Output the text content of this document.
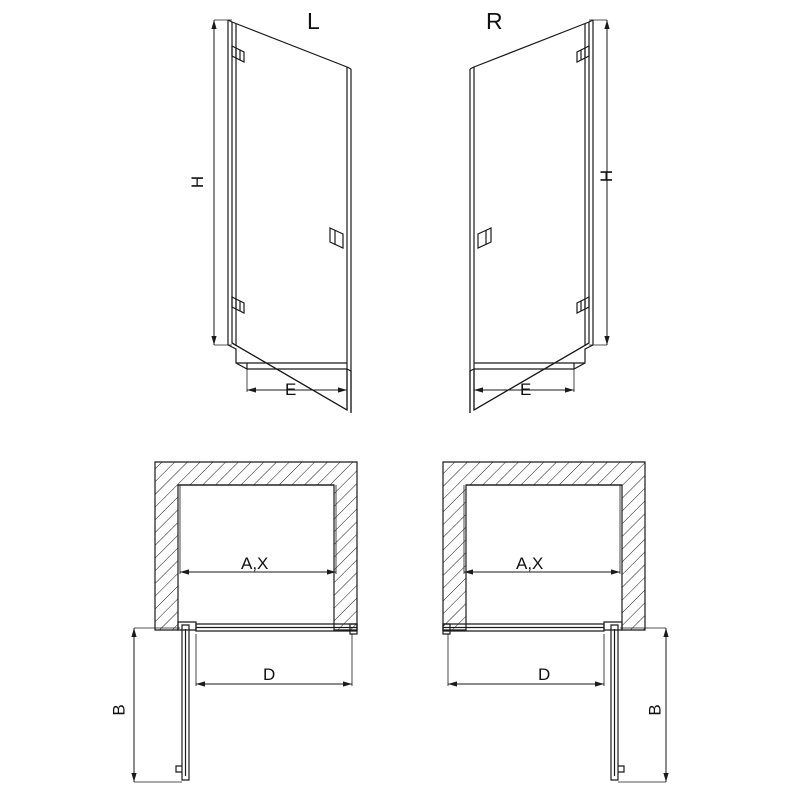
L	R
H
E
H
E
A,X
D
B
A,X
D
B
